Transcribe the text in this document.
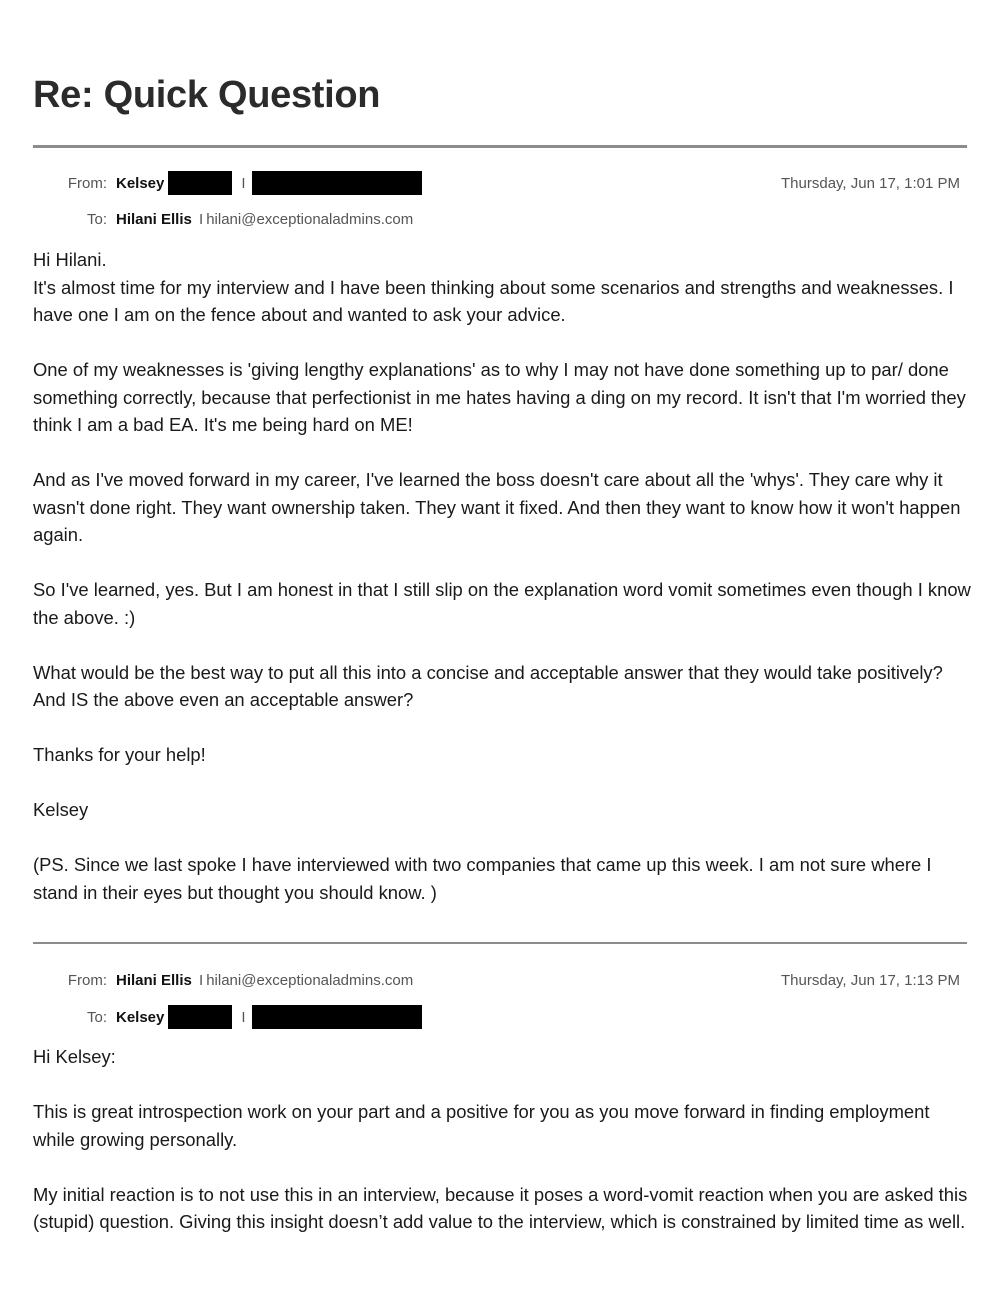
Re: Quick Question
From: Kelsey	I	Thursday, Jun 17, 1:01 PM
To: Hilani Ellis I hilani@exceptionaladmins.com

Hi Hilani.

It's almost time for my interview and I have been thinking about some scenarios and strengths and weaknesses. I have one I am on the fence about and wanted to ask your advice.

One of my weaknesses is 'giving lengthy explanations' as to why I may not have done something up to par/ done something correctly, because that perfectionist in me hates having a ding on my record. It isn't that I'm worried they think I am a bad EA. It's me being hard on ME!

And as I've moved forward in my career, I've learned the boss doesn't care about all the 'whys'. They care why it wasn't done right. They want ownership taken. They want it fixed. And then they want to know how it won't happen again.

So I've learned, yes. But I am honest in that I still slip on the explanation word vomit sometimes even though I know the above. :)

What would be the best way to put all this into a concise and acceptable answer that they would take positively? And IS the above even an acceptable answer?

Thanks for your help!

Kelsey

(PS. Since we last spoke I have interviewed with two companies that came up this week. I am not sure where I stand in their eyes but thought you should know. )

From: Hilani Ellis I hilani@exceptionaladmins.com	Thursday, Jun 17, 1:13 PM
To: Kelsey	I

Hi Kelsey:

This is great introspection work on your part and a positive for you as you move forward in finding employment while growing personally.

My initial reaction is to not use this in an interview, because it poses a word-vomit reaction when you are asked this (stupid) question. Giving this insight doesn’t add value to the interview, which is constrained by limited time as well.
